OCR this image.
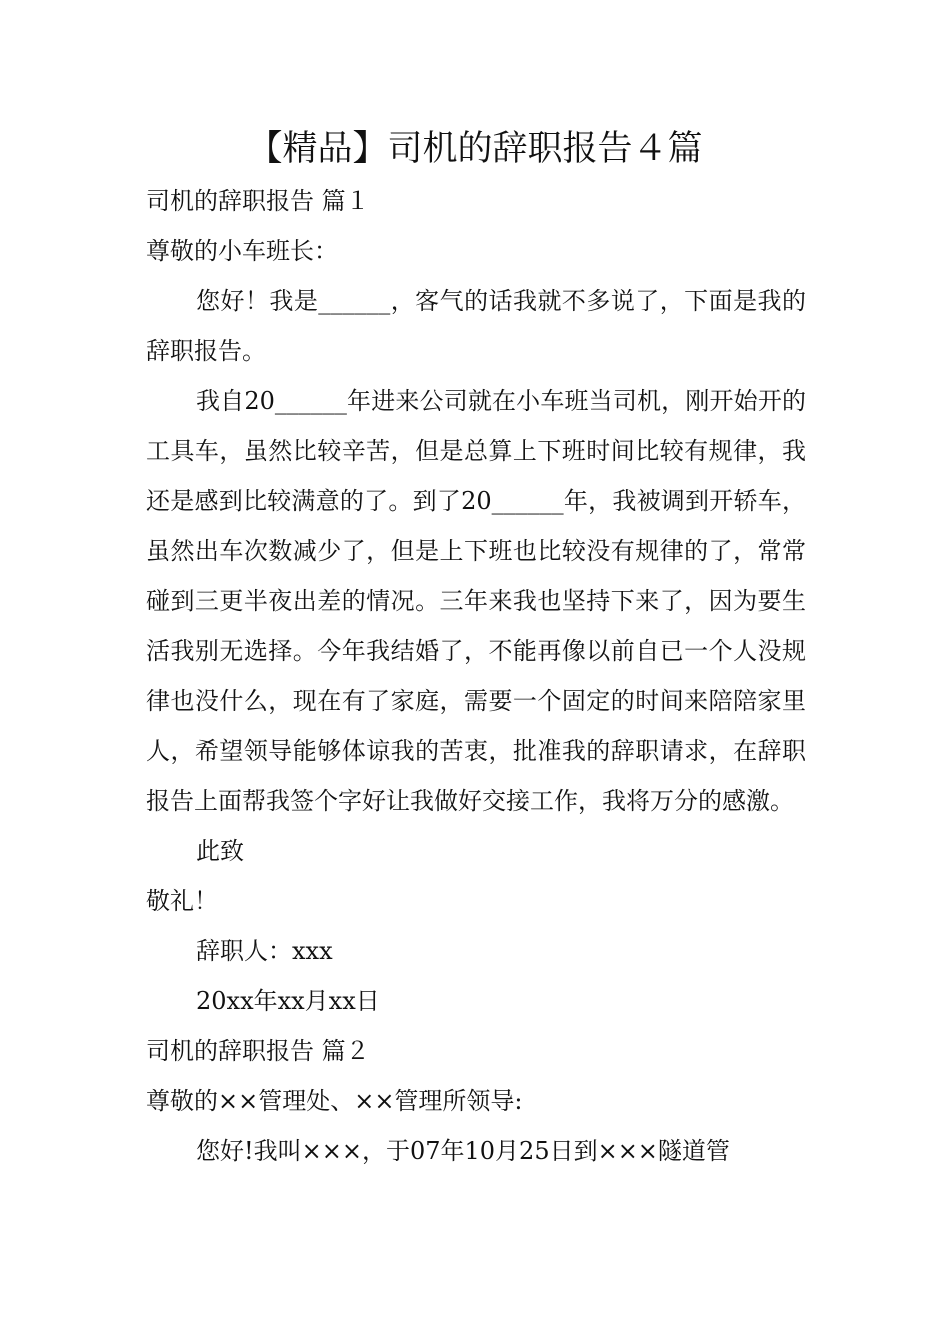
【精品】司机的辞职报告４篇

司机的辞职报告 篇１

尊敬的小车班长：

您好！我是______，客气的话我就不多说了，下面是我的辞职报告。

我自20______年进来公司就在小车班当司机，刚开始开的工具车，虽然比较辛苦，但是总算上下班时间比较有规律，我还是感到比较满意的了。到了20______年，我被调到开轿车，虽然出车次数减少了，但是上下班也比较没有规律的了，常常碰到三更半夜出差的情况。三年来我也坚持下来了，因为要生活我别无选择。今年我结婚了，不能再像以前自已一个人没规律也没什么，现在有了家庭，需要一个固定的时间来陪陪家里人，希望领导能够体谅我的苦衷，批准我的辞职请求，在辞职报告上面帮我签个字好让我做好交接工作，我将万分的感激。

此致

敬礼！

辞职人：xxx

20xx年xx月xx日

司机的辞职报告 篇２

尊敬的××管理处、××管理所领导:

您好!我叫×××，于07年10月25日到×××隧道管
